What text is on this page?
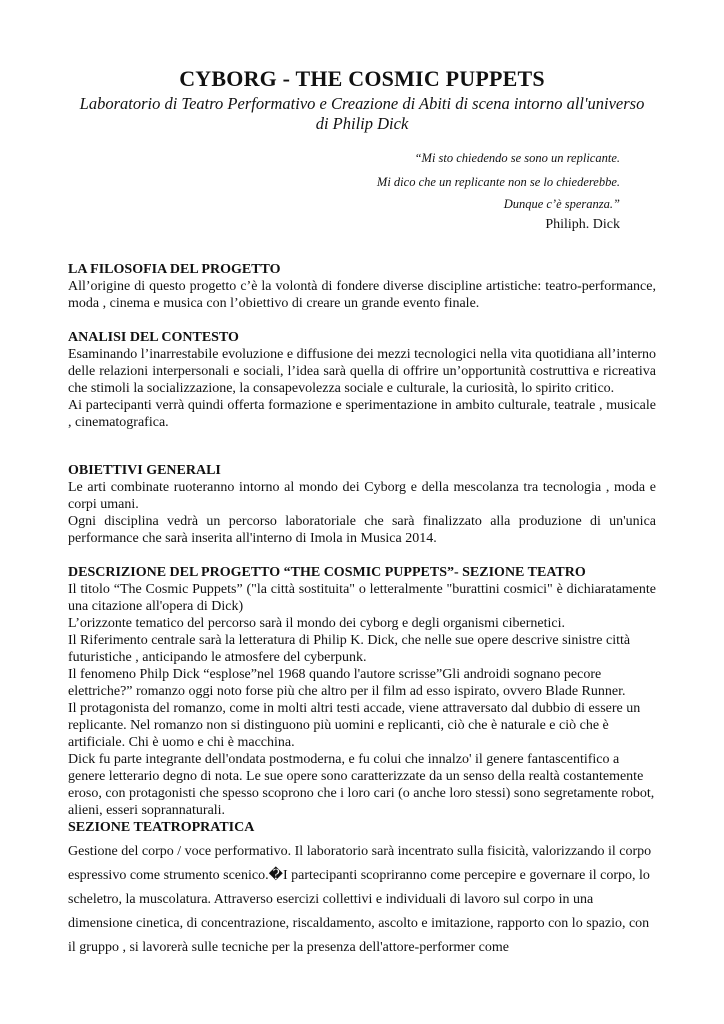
CYBORG - THE COSMIC PUPPETS
Laboratorio di Teatro Performativo e Creazione di Abiti di scena intorno all'universo
di Philip Dick
“Mi sto chiedendo se sono un replicante.
Mi dico che un replicante non se lo chiederebbe.
Dunque c’è speranza.”
Philiph. Dick
LA FILOSOFIA DEL PROGETTO
All’origine di questo progetto c’è la volontà di fondere diverse discipline artistiche: teatro-performance, moda , cinema e musica con l’obiettivo di creare un grande evento finale.
ANALISI DEL CONTESTO
Esaminando l’inarrestabile evoluzione e diffusione dei mezzi tecnologici nella vita quotidiana all’interno delle relazioni interpersonali e sociali, l’idea sarà quella di offrire un’opportunità costruttiva e ricreativa che stimoli la socializzazione, la consapevolezza sociale e culturale, la curiosità, lo spirito critico.
Ai partecipanti verrà quindi offerta formazione e sperimentazione in ambito culturale, teatrale , musicale , cinematografica.
OBIETTIVI GENERALI
Le arti combinate ruoteranno intorno al mondo dei Cyborg e della mescolanza tra tecnologia , moda e corpi umani.
Ogni disciplina vedrà un percorso laboratoriale che sarà finalizzato alla produzione di un'unica performance che sarà inserita all'interno di Imola in Musica 2014.
DESCRIZIONE DEL PROGETTO “THE COSMIC PUPPETS”- SEZIONE TEATRO
Il titolo “The Cosmic Puppets” ("la città sostituita" o letteralmente "burattini cosmici" è dichiaratamente una citazione all'opera di Dick)
L’orizzonte tematico del percorso sarà il mondo dei cyborg e degli organismi cibernetici.
Il Riferimento centrale sarà la letteratura di Philip K. Dick, che nelle sue opere descrive sinistre città futuristiche , anticipando le atmosfere del cyberpunk.
Il fenomeno Philp Dick “esplose”nel 1968 quando l'autore scrisse”Gli androidi sognano pecore elettriche?” romanzo oggi noto forse più che altro per il film ad esso ispirato, ovvero Blade Runner.
Il protagonista del romanzo, come in molti altri testi accade, viene attraversato dal dubbio di essere un replicante. Nel romanzo non si distinguono più uomini e replicanti, ciò che è naturale e ciò che è artificiale. Chi è uomo e chi è macchina.
Dick fu parte integrante dell'ondata postmoderna, e fu colui che innalzo' il genere fantascentifico a genere letterario degno di nota. Le sue opere sono caratterizzate da un senso della realtà costantemente eroso, con protagonisti che spesso scoprono che i loro cari (o anche loro stessi) sono segretamente robot, alieni, esseri soprannaturali.
SEZIONE TEATROPRATICA
Gestione del corpo / voce performativo. Il laboratorio sarà incentrato sulla fisicità, valorizzando il corpo espressivo come strumento scenico.�I partecipanti scopriranno come percepire e governare il corpo, lo scheletro, la muscolatura. Attraverso esercizi collettivi e individuali di lavoro sul corpo in una dimensione cinetica, di concentrazione, riscaldamento, ascolto e imitazione, rapporto con lo spazio, con il gruppo , si lavorerà sulle tecniche per la presenza dell'attore-performer come
